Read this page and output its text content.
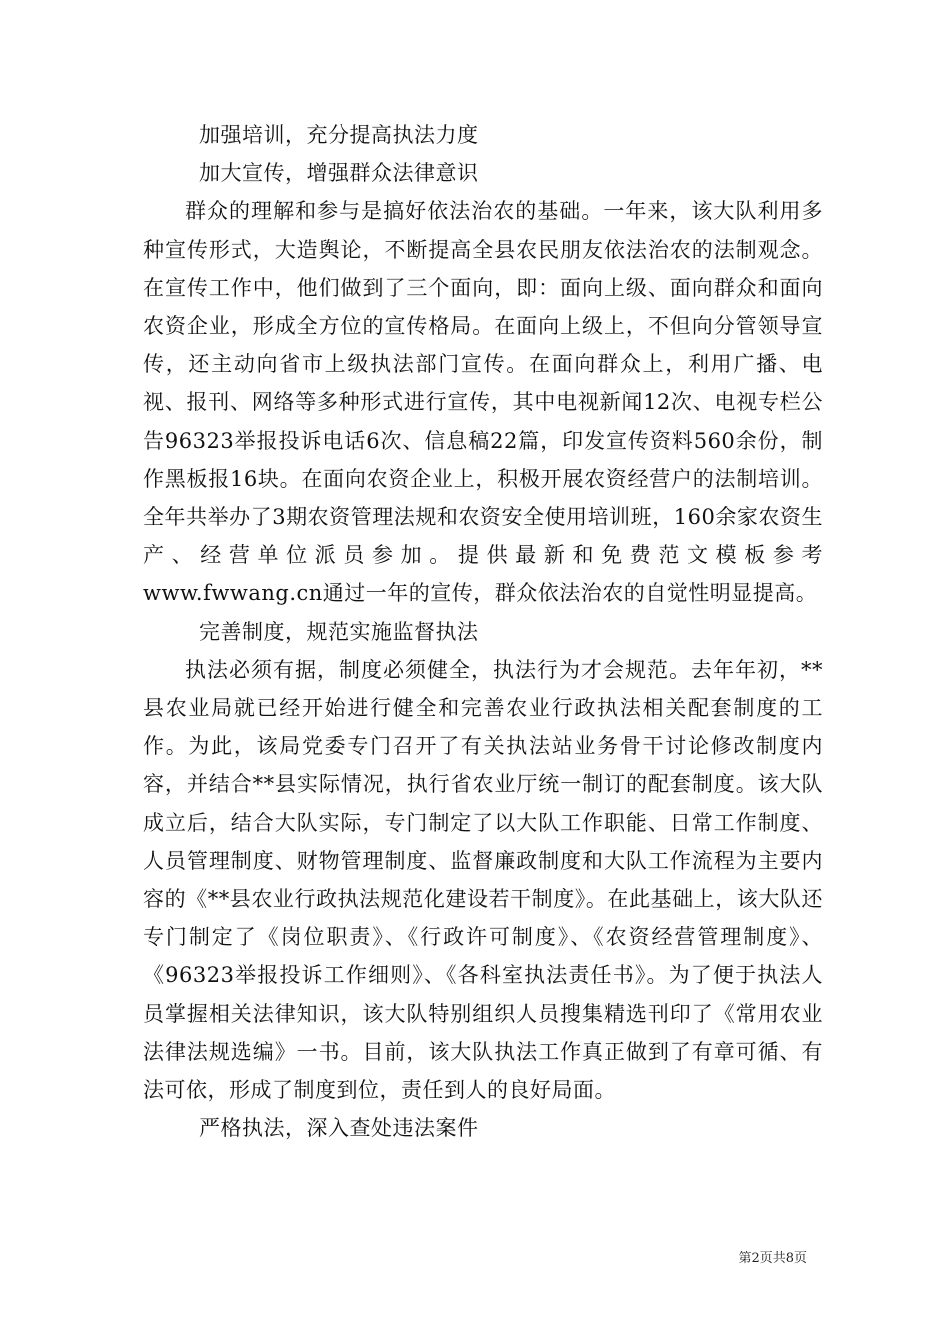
加强培训，充分提高执法力度

加大宣传，增强群众法律意识

群众的理解和参与是搞好依法治农的基础。一年来，该大队利用多种宣传形式，大造舆论，不断提高全县农民朋友依法治农的法制观念。在宣传工作中，他们做到了三个面向，即：面向上级、面向群众和面向农资企业，形成全方位的宣传格局。在面向上级上，不但向分管领导宣传，还主动向省市上级执法部门宣传。在面向群众上，利用广播、电视、报刊、网络等多种形式进行宣传，其中电视新闻12次、电视专栏公告96323举报投诉电话6次、信息稿22篇，印发宣传资料560余份，制作黑板报16块。在面向农资企业上，积极开展农资经营户的法制培训。全年共举办了3期农资管理法规和农资安全使用培训班，160余家农资生产、经营单位派员参加。提供最新和免费范文模板参考www.fwwang.cn通过一年的宣传，群众依法治农的自觉性明显提高。

完善制度，规范实施监督执法

执法必须有据，制度必须健全，执法行为才会规范。去年年初，**县农业局就已经开始进行健全和完善农业行政执法相关配套制度的工作。为此，该局党委专门召开了有关执法站业务骨干讨论修改制度内容，并结合**县实际情况，执行省农业厅统一制订的配套制度。该大队成立后，结合大队实际，专门制定了以大队工作职能、日常工作制度、人员管理制度、财物管理制度、监督廉政制度和大队工作流程为主要内容的《**县农业行政执法规范化建设若干制度》。在此基础上，该大队还专门制定了《岗位职责》、《行政许可制度》、《农资经营管理制度》、《96323举报投诉工作细则》、《各科室执法责任书》。为了便于执法人员掌握相关法律知识，该大队特别组织人员搜集精选刊印了《常用农业法律法规选编》一书。目前，该大队执法工作真正做到了有章可循、有法可依，形成了制度到位，责任到人的良好局面。

严格执法，深入查处违法案件

第2页共8页
